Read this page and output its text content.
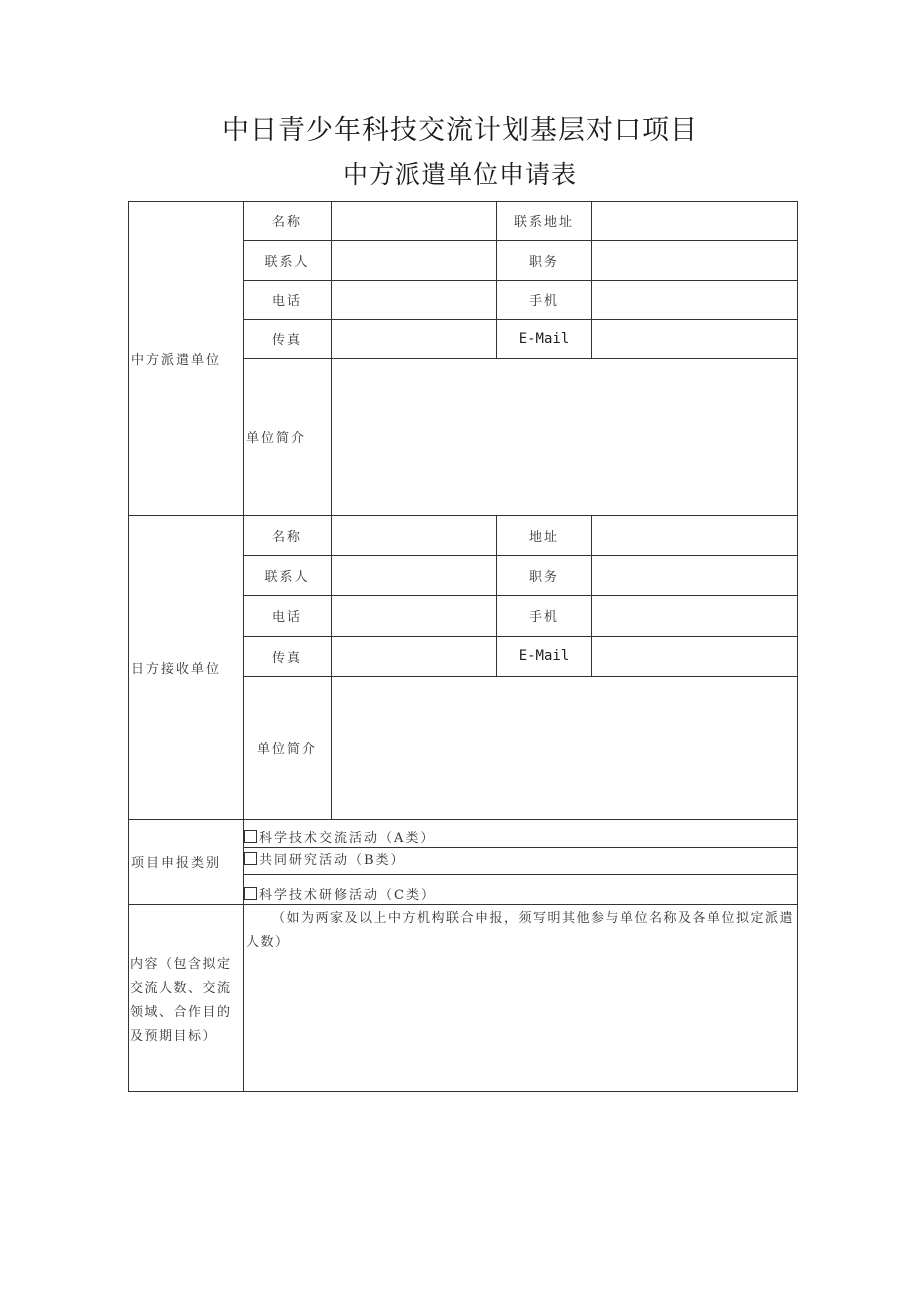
中日青少年科技交流计划基层对口项目
中方派遣单位申请表
中方派遣单位
名称	联系地址
联系人	职务
电话	手机
传真	E-Mail
单位简介
日方接收单位
名称	地址
联系人	职务
电话	手机
传真	E-Mail
单位简介
项目申报类别
科学技术交流活动（A类）
共同研究活动（B类）
科学技术研修活动（C类）
内容（包含拟定交流人数、交流领域、合作目的及预期目标）
（如为两家及以上中方机构联合申报，须写明其他参与单位名称及各单位拟定派遣人数）
